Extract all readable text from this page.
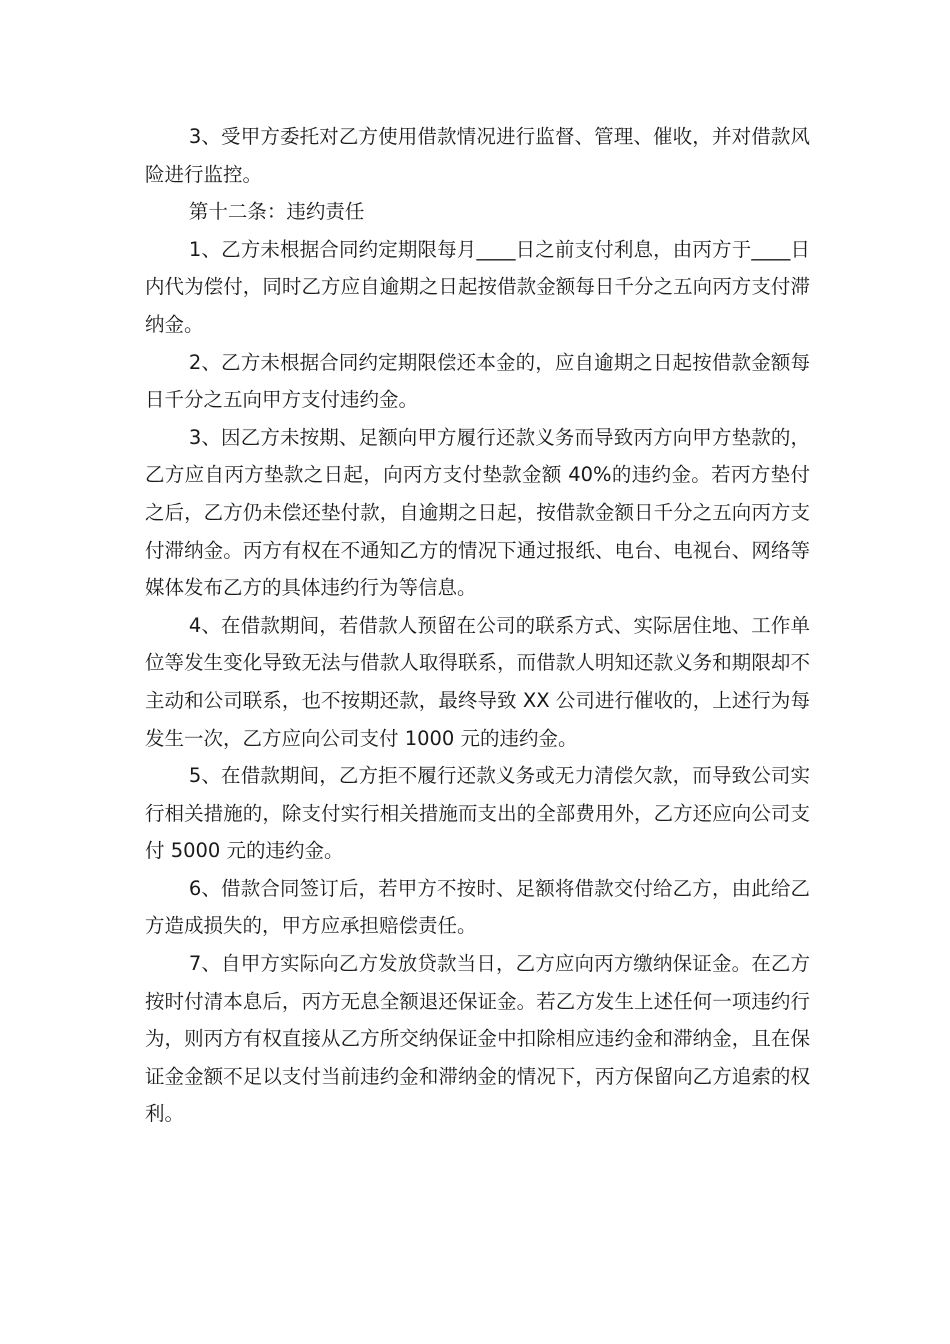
3、受甲方委托对乙方使用借款情况进行监督、管理、催收，并对借款风险进行监控。

第十二条：违约责任

1、乙方未根据合同约定期限每月____日之前支付利息，由丙方于____日内代为偿付，同时乙方应自逾期之日起按借款金额每日千分之五向丙方支付滞纳金。

2、乙方未根据合同约定期限偿还本金的，应自逾期之日起按借款金额每日千分之五向甲方支付违约金。

3、因乙方未按期、足额向甲方履行还款义务而导致丙方向甲方垫款的，乙方应自丙方垫款之日起，向丙方支付垫款金额 40%的违约金。若丙方垫付之后，乙方仍未偿还垫付款，自逾期之日起，按借款金额日千分之五向丙方支付滞纳金。丙方有权在不通知乙方的情况下通过报纸、电台、电视台、网络等媒体发布乙方的具体违约行为等信息。

4、在借款期间，若借款人预留在公司的联系方式、实际居住地、工作单位等发生变化导致无法与借款人取得联系，而借款人明知还款义务和期限却不主动和公司联系，也不按期还款，最终导致 XX 公司进行催收的，上述行为每发生一次，乙方应向公司支付 1000 元的违约金。

5、在借款期间，乙方拒不履行还款义务或无力清偿欠款，而导致公司实行相关措施的，除支付实行相关措施而支出的全部费用外，乙方还应向公司支付 5000 元的违约金。

6、借款合同签订后，若甲方不按时、足额将借款交付给乙方，由此给乙方造成损失的，甲方应承担赔偿责任。

7、自甲方实际向乙方发放贷款当日，乙方应向丙方缴纳保证金。在乙方按时付清本息后，丙方无息全额退还保证金。若乙方发生上述任何一项违约行为，则丙方有权直接从乙方所交纳保证金中扣除相应违约金和滞纳金，且在保证金金额不足以支付当前违约金和滞纳金的情况下，丙方保留向乙方追索的权利。
